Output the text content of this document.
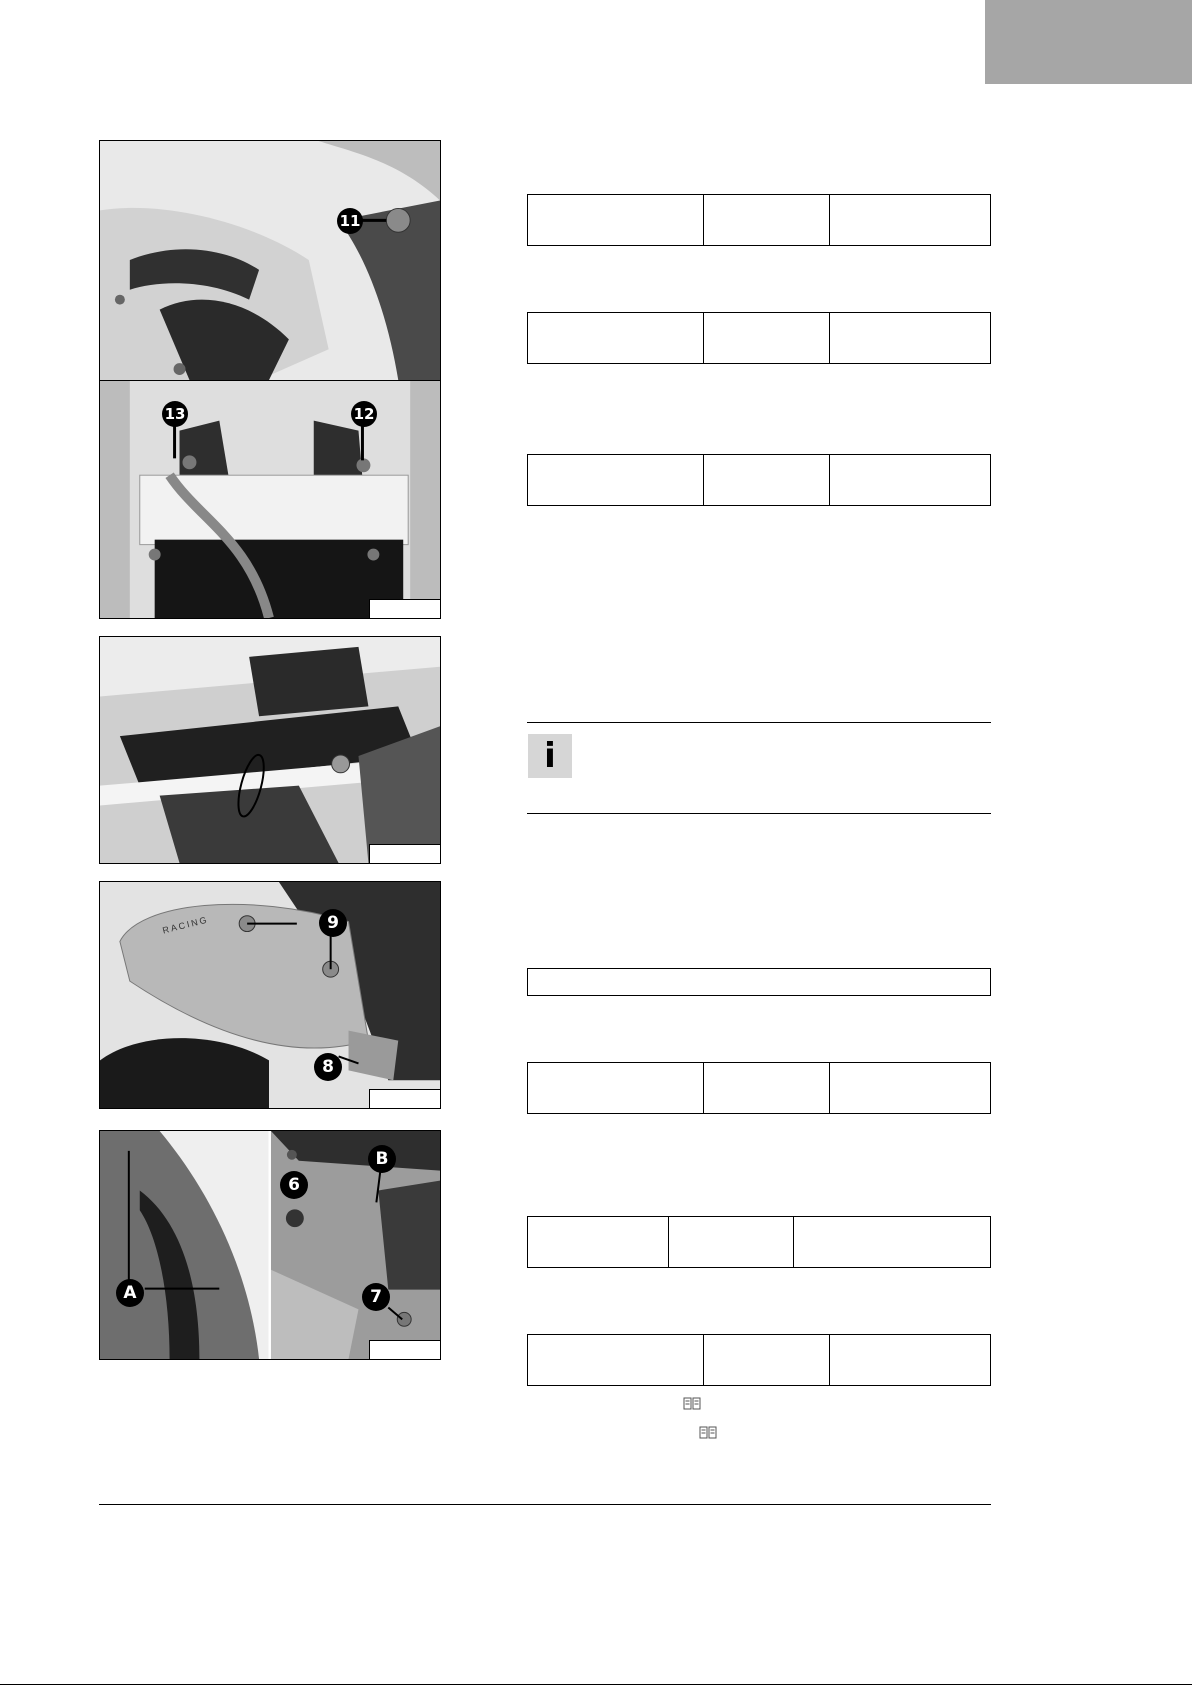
11
13	12
RACING	9
8
A
B
6
7
i
